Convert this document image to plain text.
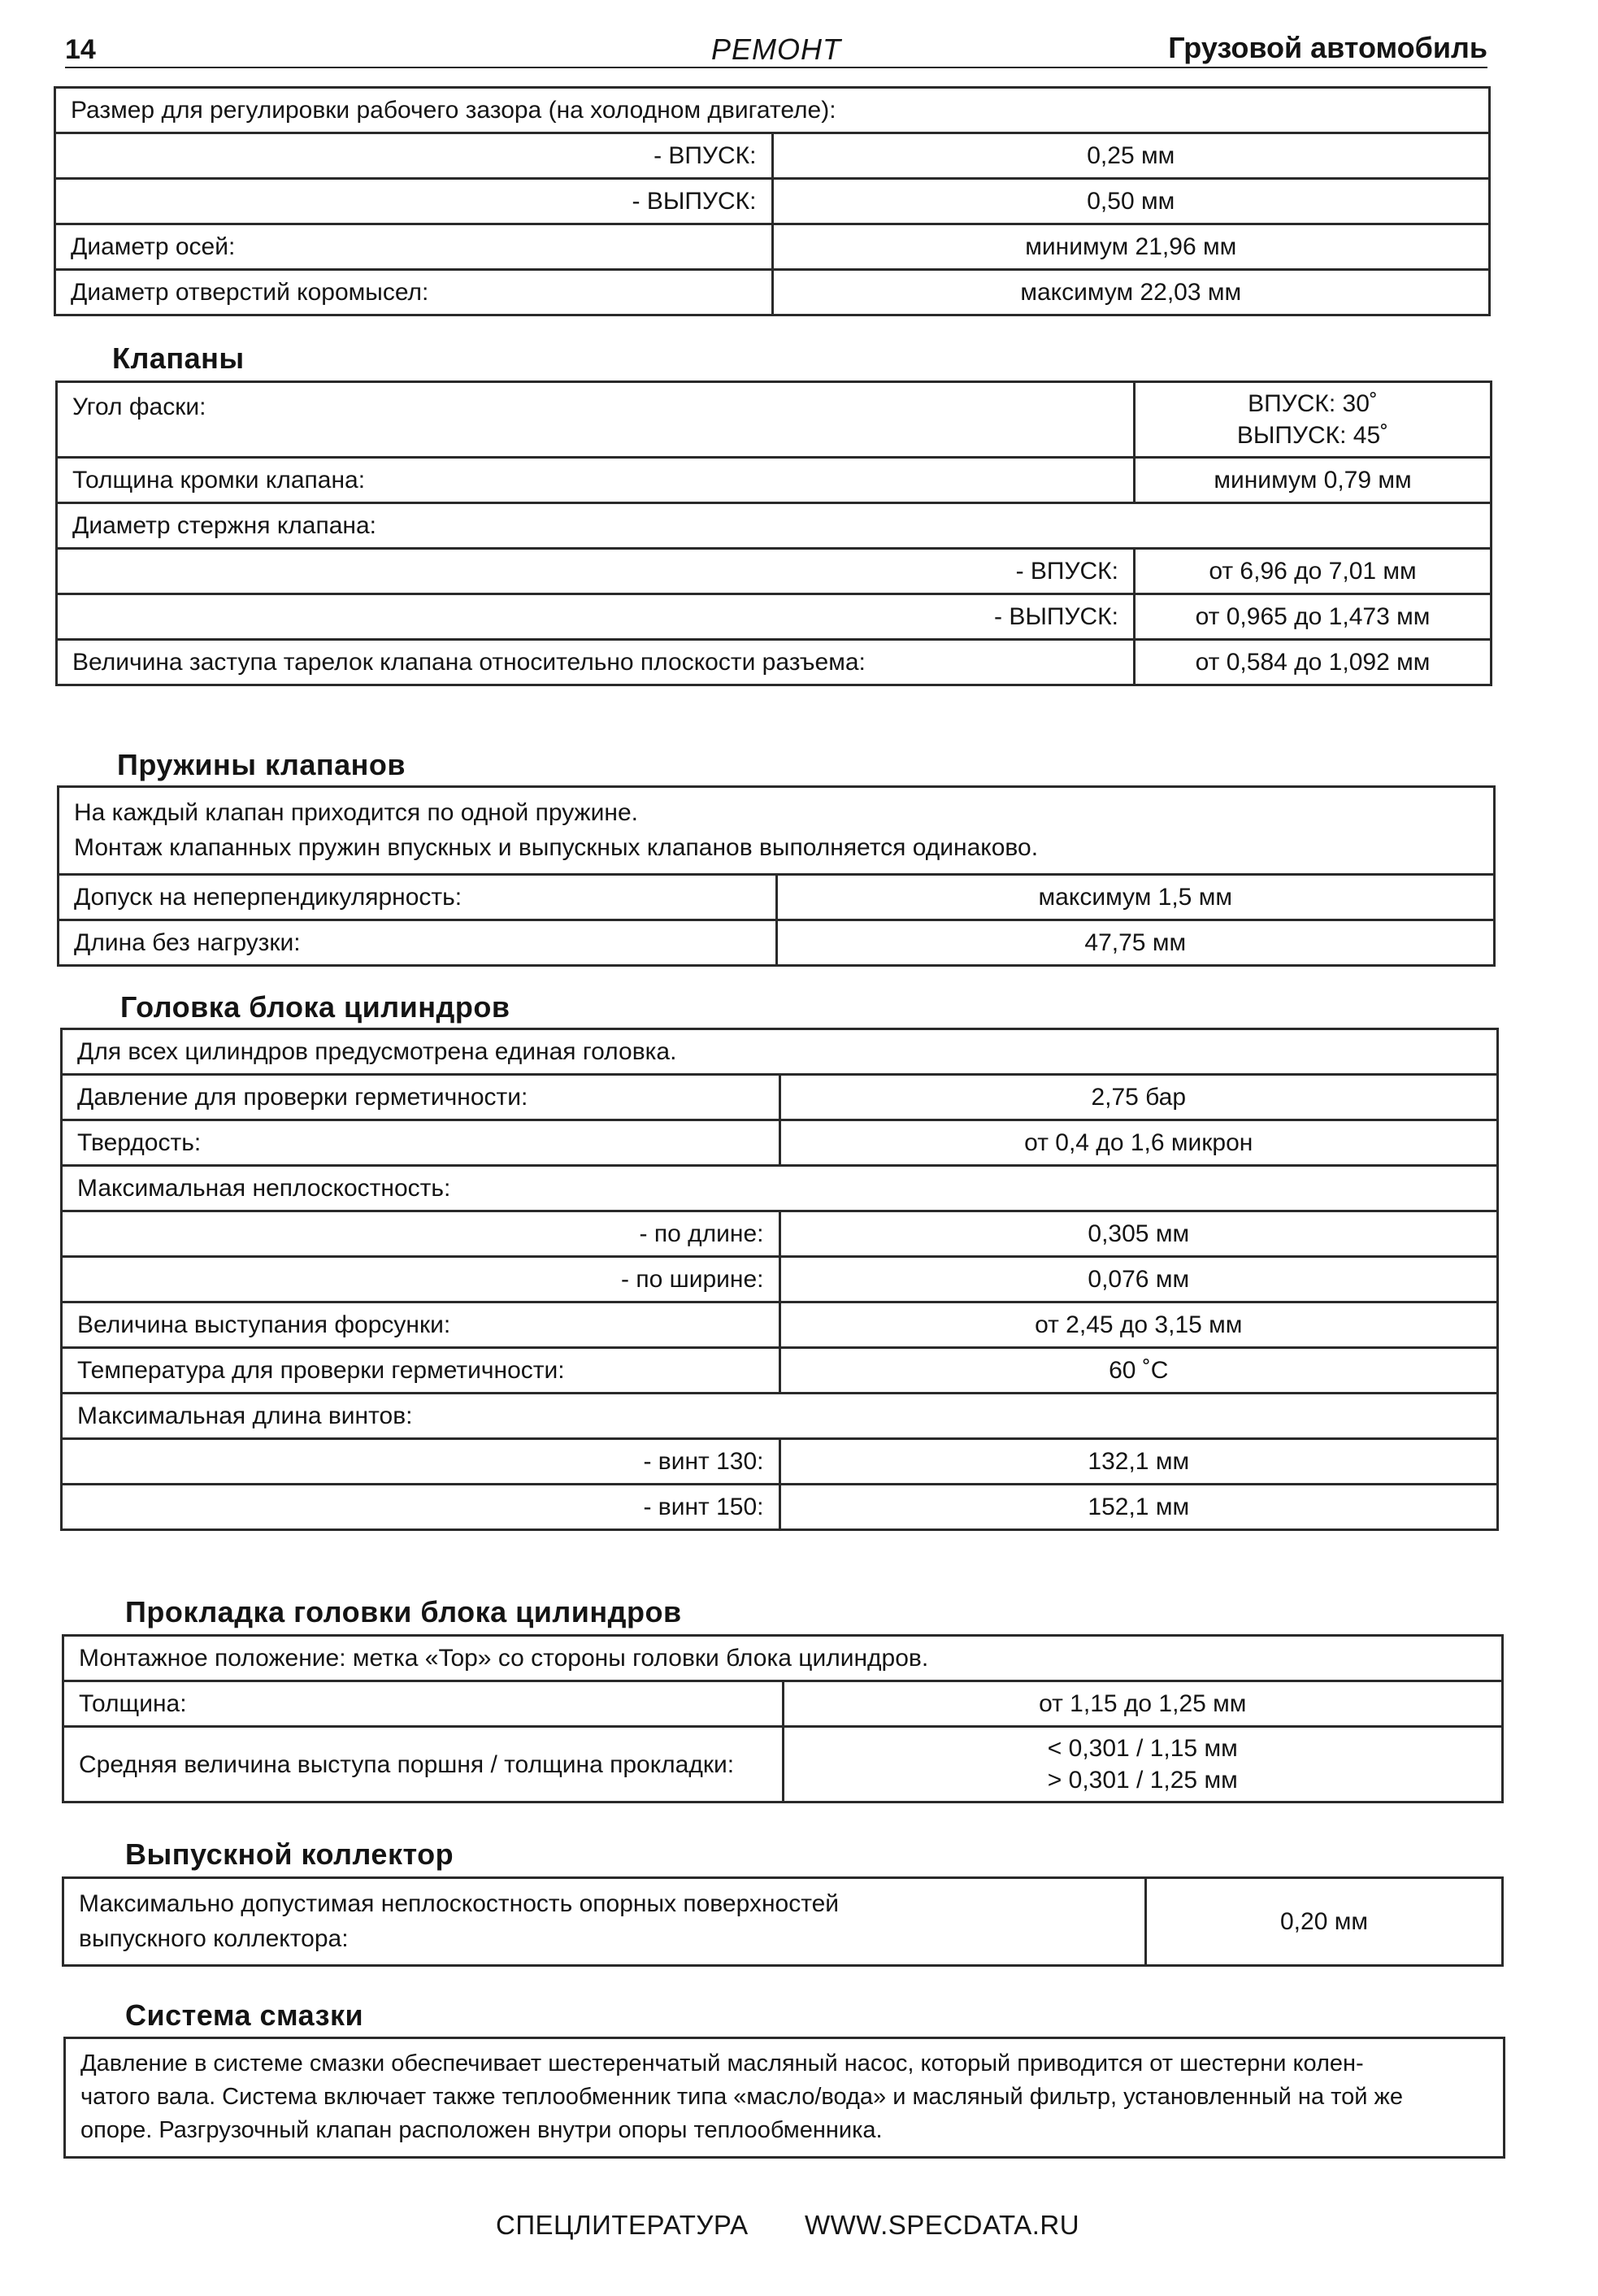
14	РЕМОНТ	Грузовой автомобиль
Размер для регулировки рабочего зазора (на холодном двигателе):	
- ВПУСК:	0,25 мм
- ВЫПУСК:	0,50 мм
Диаметр осей:	минимум 21,96 мм
Диаметр отверстий коромысел:	максимум 22,03 мм
Клапаны
Угол фаски:	ВПУСК: 30˚
ВЫПУСК: 45˚

Толщина кромки клапана:	минимум 0,79 мм
Диаметр стержня клапана:	
- ВПУСК:	от 6,96 до 7,01 мм
- ВЫПУСК:	от 0,965 до 1,473 мм
Величина заступа тарелок клапана относительно плоскости разъема:	от 0,584 до 1,092 мм
Пружины клапанов
На каждый клапан приходится по одной пружине.
Монтаж клапанных пружин впускных и выпускных клапанов выполняется одинаково.	

Допуск на неперпендикулярность:	максимум 1,5 мм
Длина без нагрузки:	47,75 мм
Головка блока цилиндров
Для всех цилиндров предусмотрена единая головка.	
Давление для проверки герметичности:	2,75 бар
Твердость:	от 0,4 до 1,6 микрон
Максимальная неплоскостность:	
- по длине:	0,305 мм
- по ширине:	0,076 мм
Величина выступания форсунки:	от 2,45 до 3,15 мм
Температура для проверки герметичности:	60 ˚С
Максимальная длина винтов:	
- винт 130:	132,1 мм
- винт 150:	152,1 мм
Прокладка головки блока цилиндров
Монтажное положение: метка «Top» со стороны головки блока цилиндров.	
Толщина:	от 1,15 до 1,25 мм
Средняя величина выступа поршня / толщина прокладки:	< 0,301 / 1,15 мм
> 0,301 / 1,25 мм
Выпускной коллектор
Максимально допустимая неплоскостность опорных поверхностей
выпускного коллектора:
	0,20 мм
Система смазки
Давление в системе смазки обеспечивает шестеренчатый масляный насос, который приводится от шестерни колен-
чатого вала. Система включает также теплообменник типа «масло/вода» и масляный фильтр, установленный на той же
опоре. Разгрузочный клапан расположен внутри опоры теплообменника.
СПЕЦЛИТЕРАТУРА WWW.SPECDATA.RU
